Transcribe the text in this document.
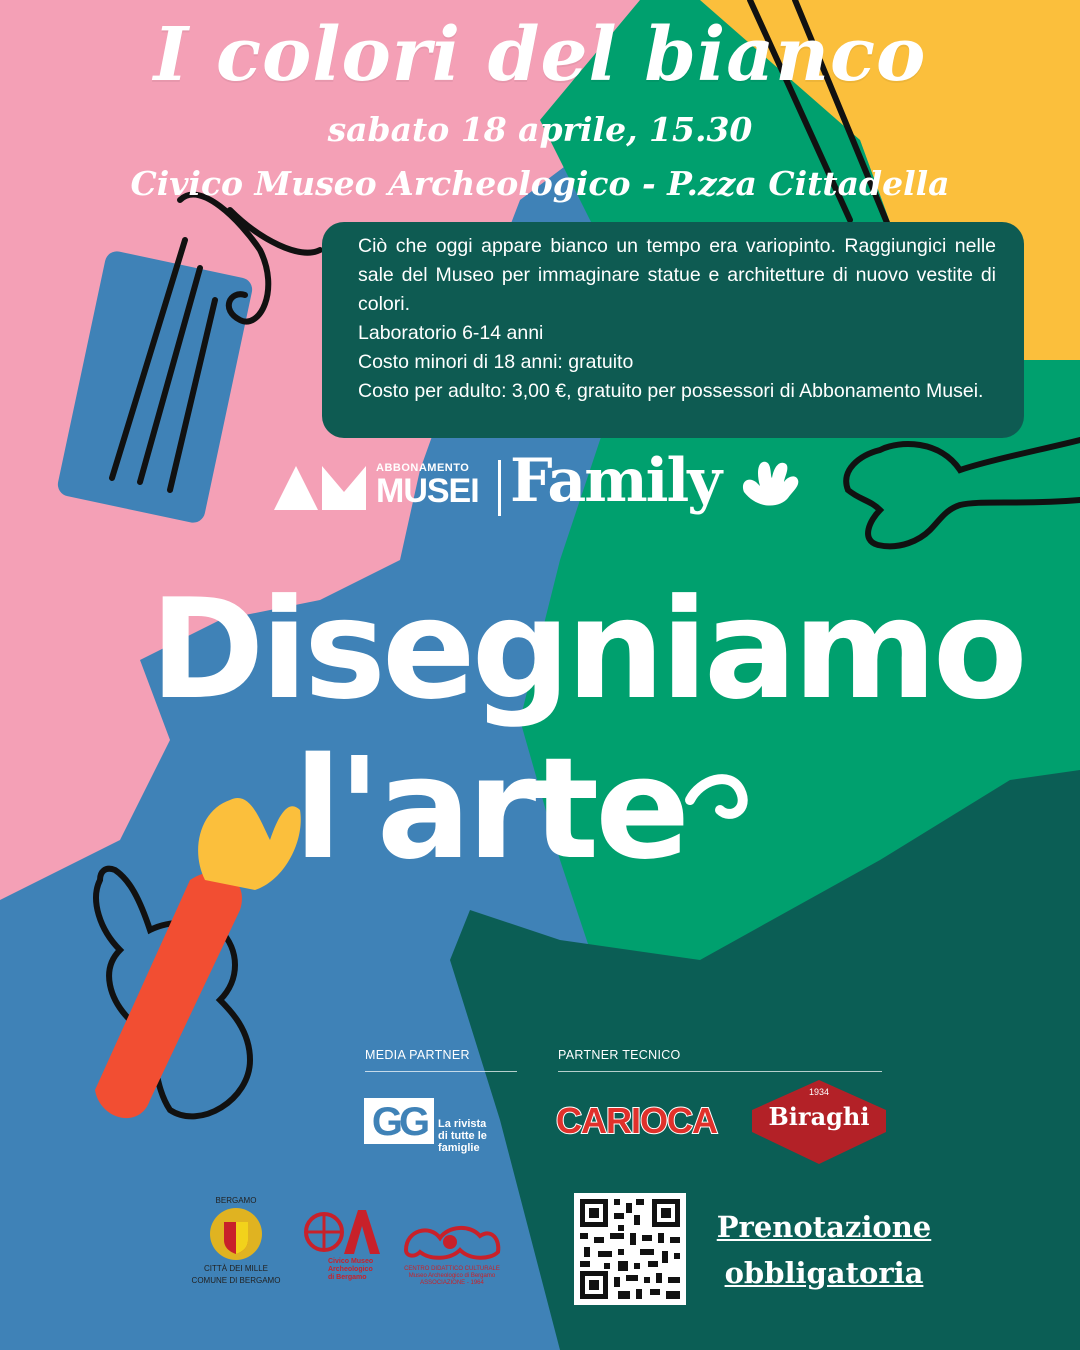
I colori del bianco
sabato 18 aprile, 15.30
Civico Museo Archeologico - P.zza Cittadella

Ciò che oggi appare bianco un tempo era variopinto. Raggiungici nelle sale del Museo per immaginare statue e architetture di nuovo vestite di colori.

Laboratorio 6-14 anni

Costo minori di 18 anni: gratuito

Costo per adulto: 3,00 €, gratuito per possessori di Abbonamento Musei.

ABBONAMENTO
MUSEI Family
Disegniamo
l'arte
MEDIA PARTNER	PARTNER TECNICO
GG	La rivista
di tutte le famiglie
CARIOCA
1934
Biraghi
BERGAMO
CITTÀ DEI MILLE
COMUNE DI BERGAMO
Civico Museo
Archeologico
di Bergamo
CENTRO DIDATTICO CULTURALE
Museo Archeologico di Bergamo
ASSOCIAZIONE - 1964
Prenotazione
obbligatoria
